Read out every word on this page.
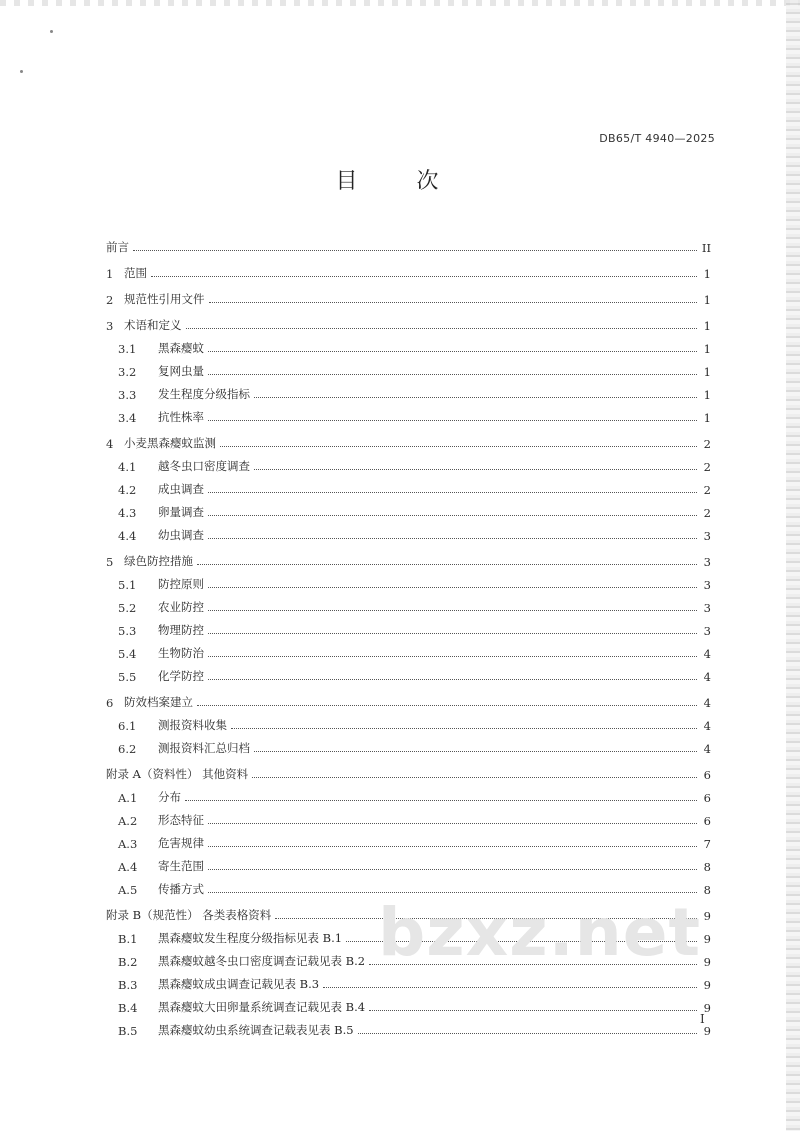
DB65/T 4940—2025
目 次
前言	II
1 范围	1
2 规范性引用文件	1
3 术语和定义	1
3.1	黑森瘿蚊	1
3.2	复网虫量	1
3.3	发生程度分级指标	1
3.4	抗性株率	1
4 小麦黑森瘿蚊监测	2
4.1	越冬虫口密度调查	2
4.2	成虫调查	2
4.3	卵量调查	2
4.4	幼虫调查	3
5 绿色防控措施	3
5.1	防控原则	3
5.2	农业防控	3
5.3	物理防控	3
5.4	生物防治	4
5.5	化学防控	4
6 防效档案建立	4
6.1	测报资料收集	4
6.2	测报资料汇总归档	4
附录 A（资料性） 其他资料	6
A.1	分布	6
A.2	形态特征	6
A.3	危害规律	7
A.4	寄生范围	8
A.5	传播方式	8
附录 B（规范性） 各类表格资料	9
B.1	黑森瘿蚊发生程度分级指标见表 B.1	9
B.2	黑森瘿蚊越冬虫口密度调查记载见表 B.2	9
B.3	黑森瘿蚊成虫调查记载见表 B.3	9
B.4	黑森瘿蚊大田卵量系统调查记载见表 B.4	9
B.5	黑森瘿蚊幼虫系统调查记载表见表 B.5	9
bzxz.net
I
